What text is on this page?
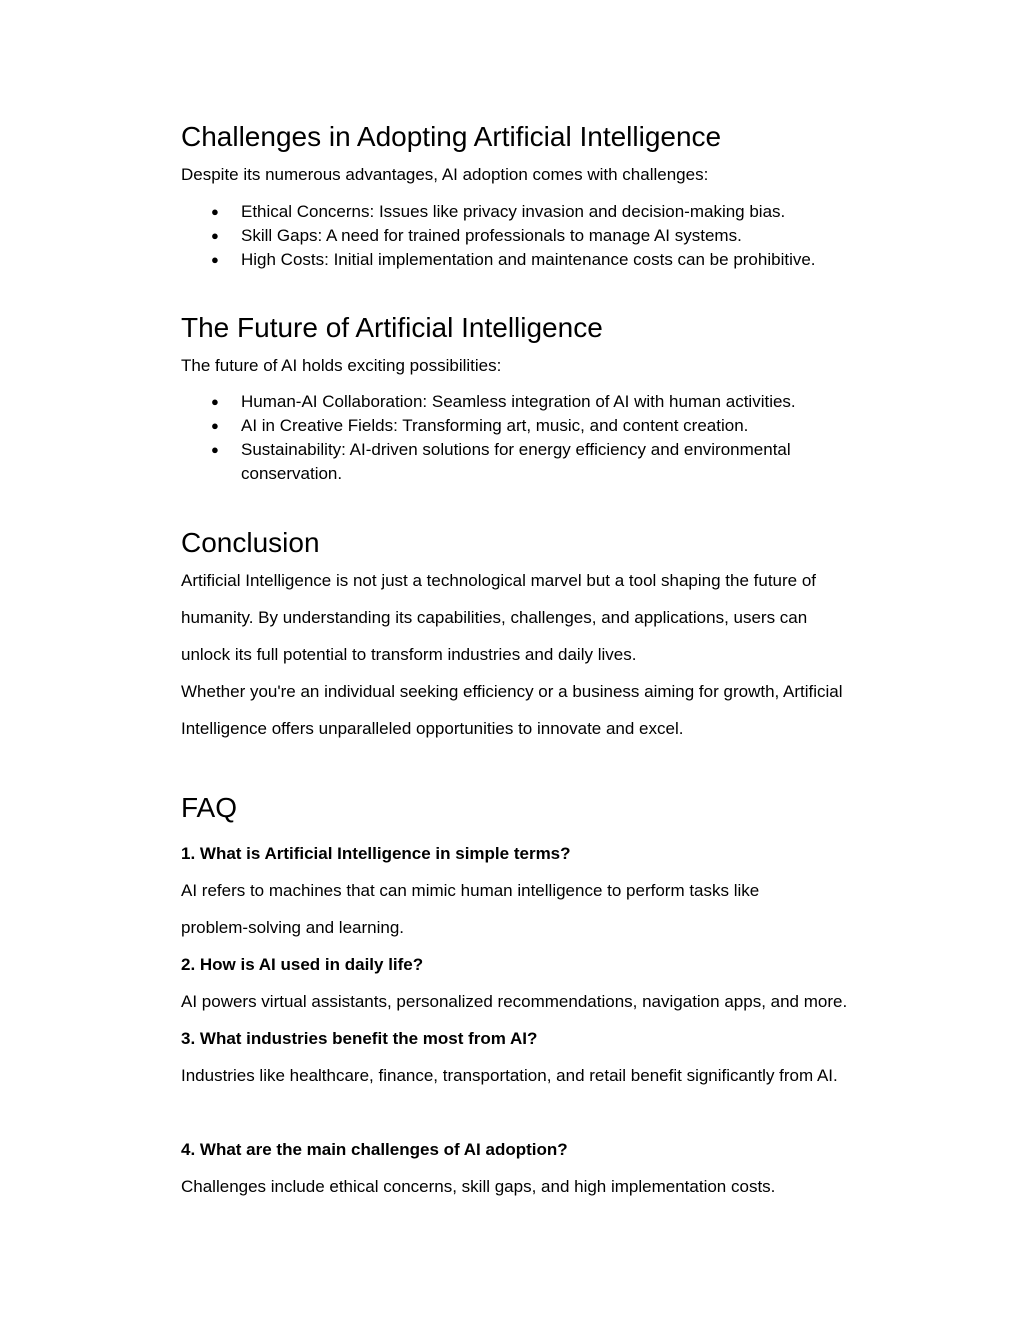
Challenges in Adopting Artificial Intelligence

Despite its numerous advantages, AI adoption comes with challenges:

● Ethical Concerns: Issues like privacy invasion and decision-making bias.
● Skill Gaps: A need for trained professionals to manage AI systems.
● High Costs: Initial implementation and maintenance costs can be prohibitive.
The Future of Artificial Intelligence

The future of AI holds exciting possibilities:

● Human-AI Collaboration: Seamless integration of AI with human activities.
● AI in Creative Fields: Transforming art, music, and content creation.
● Sustainability: AI-driven solutions for energy efficiency and environmental conservation.
Conclusion

Artificial Intelligence is not just a technological marvel but a tool shaping the future of

humanity. By understanding its capabilities, challenges, and applications, users can

unlock its full potential to transform industries and daily lives.

Whether you're an individual seeking efficiency or a business aiming for growth, Artificial

Intelligence offers unparalleled opportunities to innovate and excel.

FAQ

1. What is Artificial Intelligence in simple terms?

AI refers to machines that can mimic human intelligence to perform tasks like

problem-solving and learning.

2. How is AI used in daily life?

AI powers virtual assistants, personalized recommendations, navigation apps, and more.

3. What industries benefit the most from AI?

Industries like healthcare, finance, transportation, and retail benefit significantly from AI.

4. What are the main challenges of AI adoption?

Challenges include ethical concerns, skill gaps, and high implementation costs.
